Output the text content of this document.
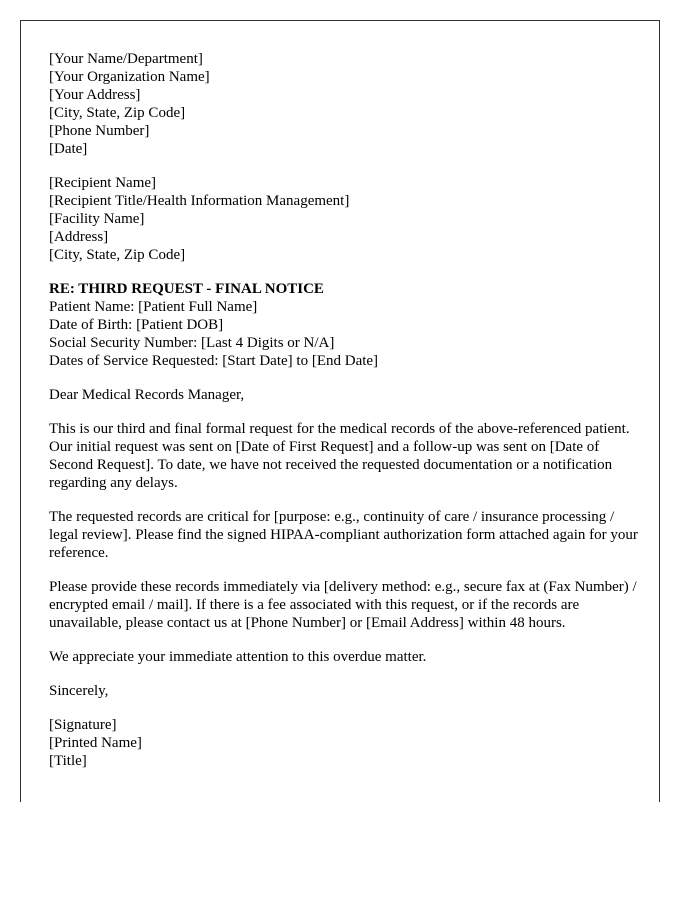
[Your Name/Department]
[Your Organization Name]
[Your Address]
[City, State, Zip Code]
[Phone Number]
[Date]
[Recipient Name]
[Recipient Title/Health Information Management]
[Facility Name]
[Address]
[City, State, Zip Code]
RE: THIRD REQUEST - FINAL NOTICE
Patient Name: [Patient Full Name]
Date of Birth: [Patient DOB]
Social Security Number: [Last 4 Digits or N/A]
Dates of Service Requested: [Start Date] to [End Date]

Dear Medical Records Manager,

This is our third and final formal request for the medical records of the above-referenced patient. Our initial request was sent on [Date of First Request] and a follow-up was sent on [Date of Second Request]. To date, we have not received the requested documentation or a notification regarding any delays.

The requested records are critical for [purpose: e.g., continuity of care / insurance processing / legal review]. Please find the signed HIPAA-compliant authorization form attached again for your reference.

Please provide these records immediately via [delivery method: e.g., secure fax at (Fax Number) / encrypted email / mail]. If there is a fee associated with this request, or if the records are unavailable, please contact us at [Phone Number] or [Email Address] within 48 hours.

We appreciate your immediate attention to this overdue matter.

Sincerely,

[Signature]
[Printed Name]
[Title]
